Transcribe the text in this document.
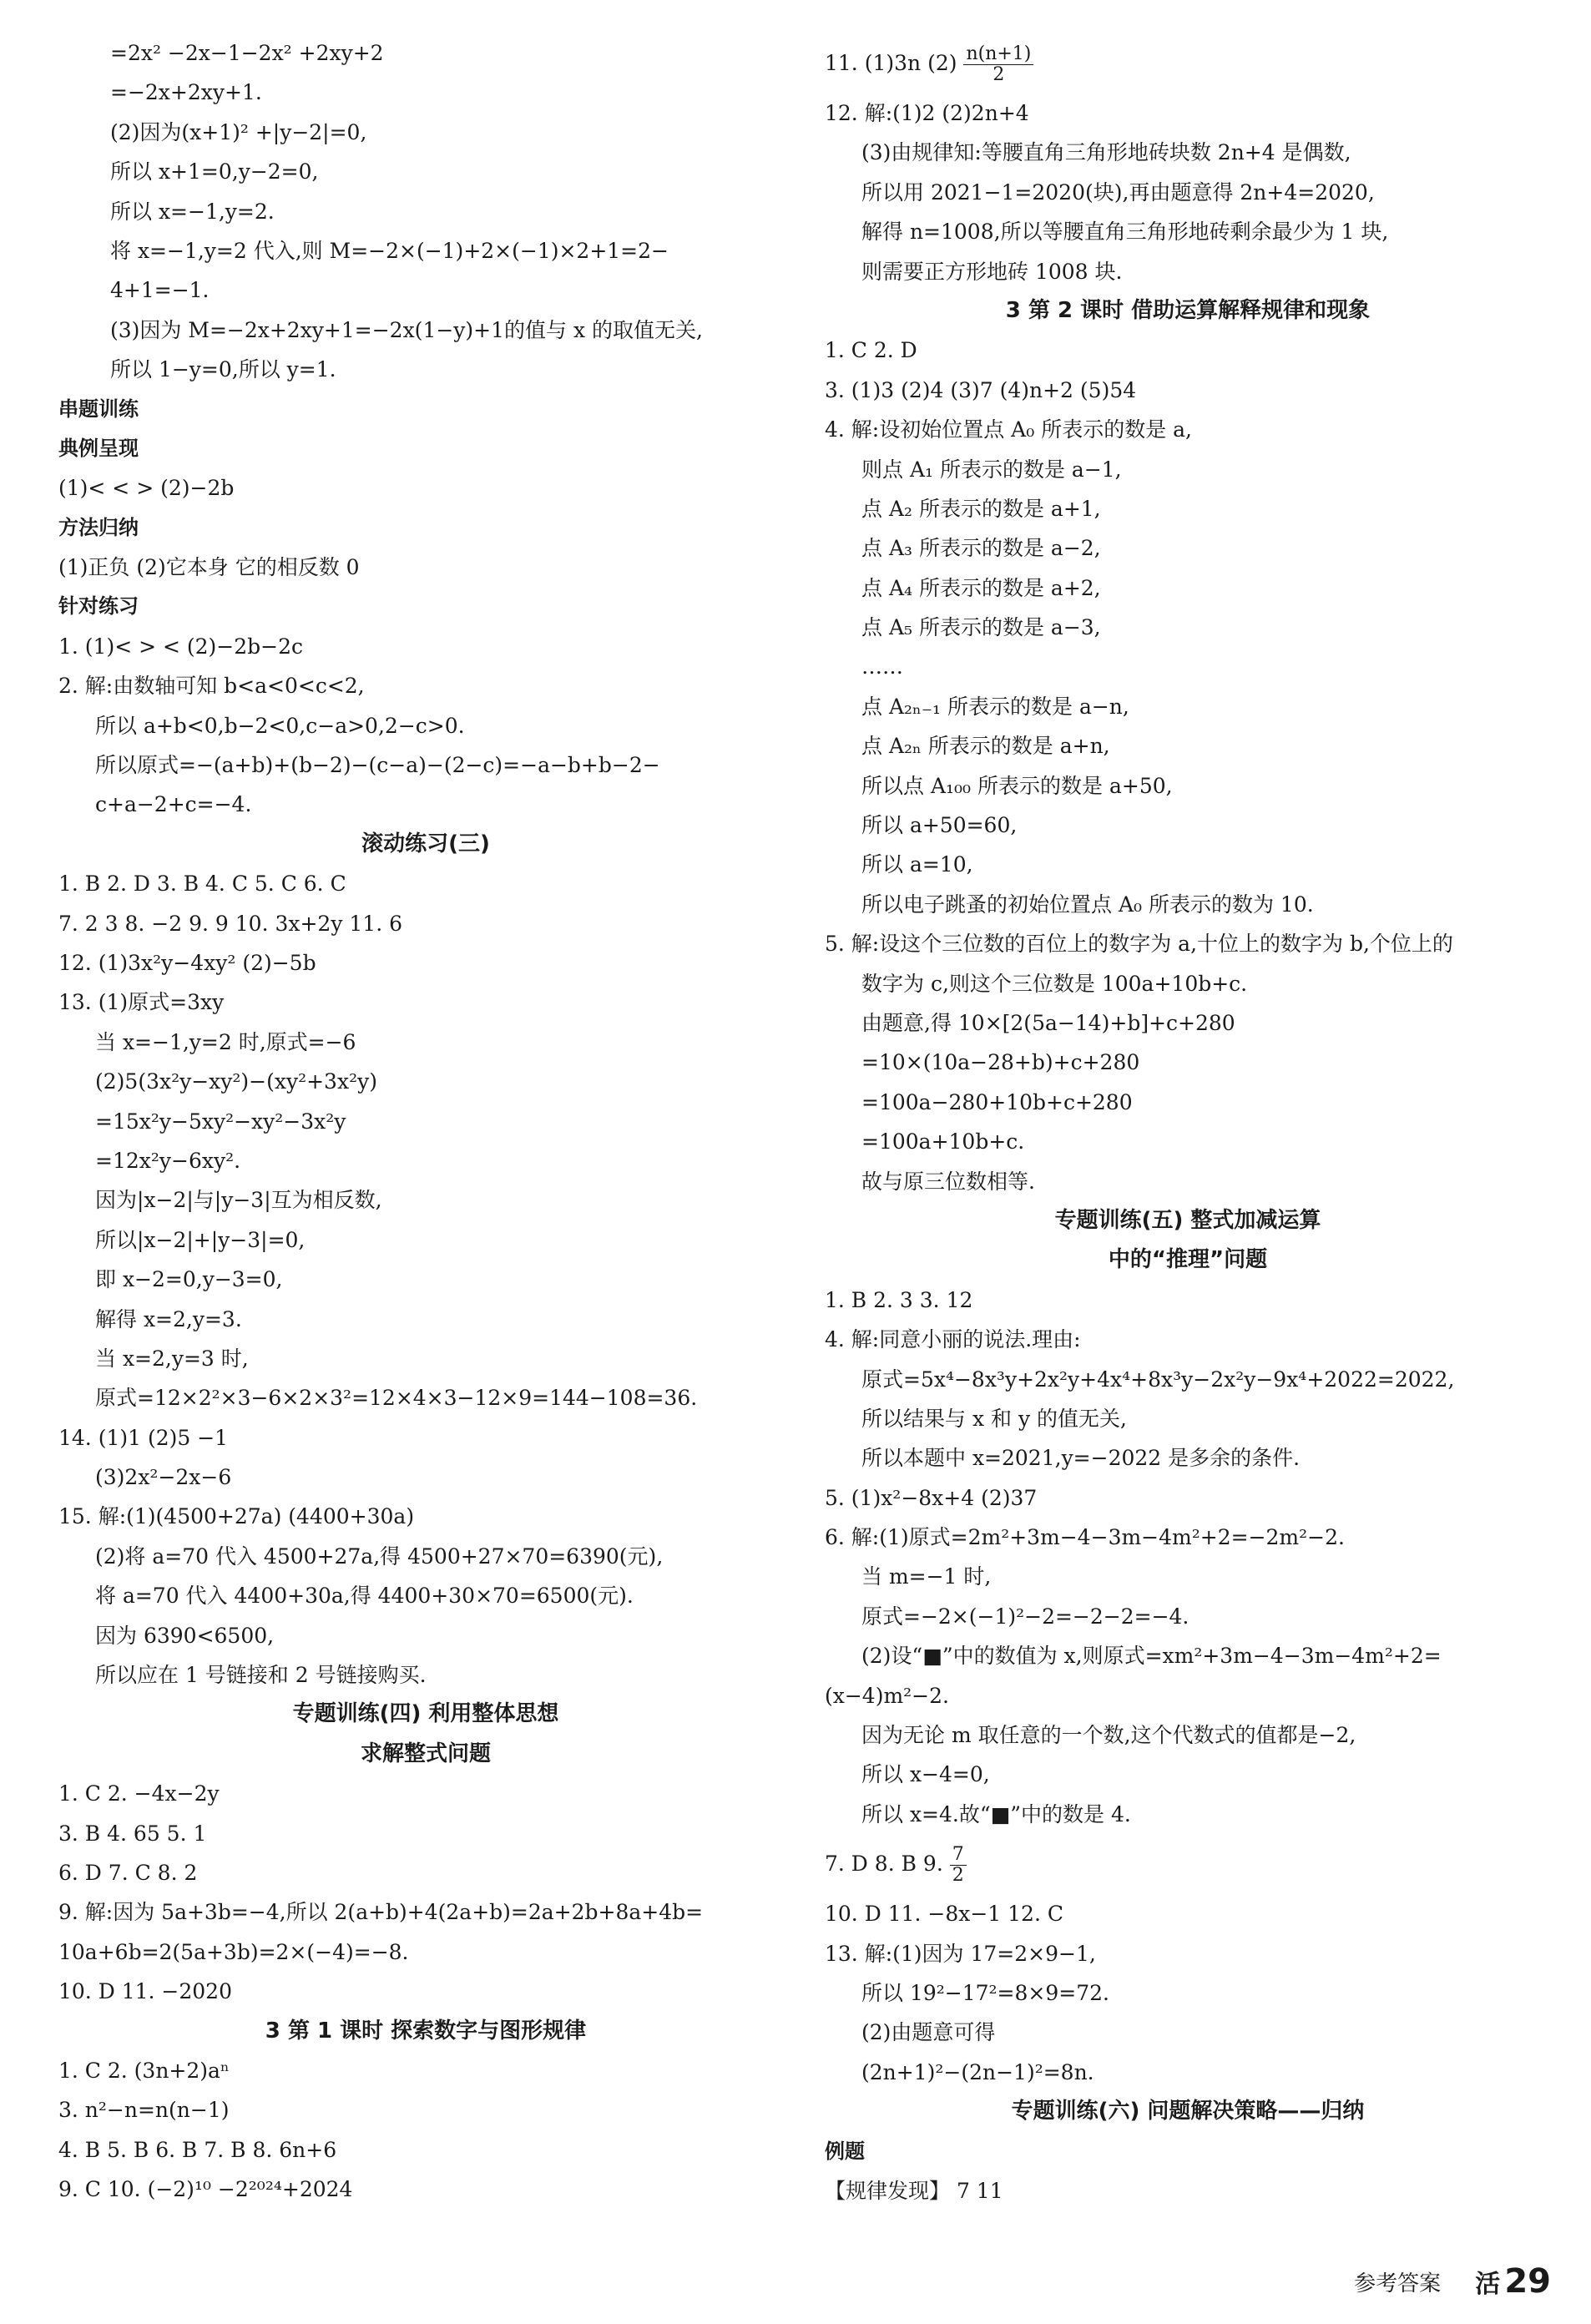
=2x² −2x−1−2x² +2xy+2
=−2x+2xy+1.
(2)因为(x+1)² +|y−2|=0,
所以 x+1=0,y−2=0,
所以 x=−1,y=2.
将 x=−1,y=2 代入,则 M=−2×(−1)+2×(−1)×2+1=2−
4+1=−1.
(3)因为 M=−2x+2xy+1=−2x(1−y)+1的值与 x 的取值无关,
所以 1−y=0,所以 y=1.
串题训练
典例呈现
(1)< < > (2)−2b
方法归纳
(1)正负 (2)它本身 它的相反数 0
针对练习
1. (1)< > < (2)−2b−2c
2. 解:由数轴可知 b<a<0<c<2,
所以 a+b<0,b−2<0,c−a>0,2−c>0.
所以原式=−(a+b)+(b−2)−(c−a)−(2−c)=−a−b+b−2−
c+a−2+c=−4.
滚动练习(三)
1. B 2. D 3. B 4. C 5. C 6. C
7. 2 3 8. −2 9. 9 10. 3x+2y 11. 6
12. (1)3x²y−4xy² (2)−5b
13. (1)原式=3xy
当 x=−1,y=2 时,原式=−6
(2)5(3x²y−xy²)−(xy²+3x²y)
=15x²y−5xy²−xy²−3x²y
=12x²y−6xy².
因为|x−2|与|y−3|互为相反数,
所以|x−2|+|y−3|=0,
即 x−2=0,y−3=0,
解得 x=2,y=3.
当 x=2,y=3 时,
原式=12×2²×3−6×2×3²=12×4×3−12×9=144−108=36.
14. (1)1 (2)5 −1
(3)2x²−2x−6
15. 解:(1)(4500+27a) (4400+30a)
(2)将 a=70 代入 4500+27a,得 4500+27×70=6390(元),
将 a=70 代入 4400+30a,得 4400+30×70=6500(元).
因为 6390<6500,
所以应在 1 号链接和 2 号链接购买.
专题训练(四) 利用整体思想
求解整式问题
1. C 2. −4x−2y
3. B 4. 65 5. 1
6. D 7. C 8. 2
9. 解:因为 5a+3b=−4,所以 2(a+b)+4(2a+b)=2a+2b+8a+4b=
10a+6b=2(5a+3b)=2×(−4)=−8.
10. D 11. −2020
3 第 1 课时 探索数字与图形规律
1. C 2. (3n+2)aⁿ
3. n²−n=n(n−1)
4. B 5. B 6. B 7. B 8. 6n+6
9. C 10. (−2)¹⁰ −2²⁰²⁴+2024
11. (1)3n $(2) \frac{n(n+1)}{2}$
12. 解:(1)2 (2)2n+4
(3)由规律知:等腰直角三角形地砖块数 2n+4 是偶数,
所以用 2021−1=2020(块),再由题意得 2n+4=2020,
解得 n=1008,所以等腰直角三角形地砖剩余最少为 1 块,
则需要正方形地砖 1008 块.
3 第 2 课时 借助运算解释规律和现象
1. C 2. D
3. (1)3 (2)4 (3)7 (4)n+2 (5)54
4. 解:设初始位置点 A₀ 所表示的数是 a,
则点 A₁ 所表示的数是 a−1,
点 A₂ 所表示的数是 a+1,
点 A₃ 所表示的数是 a−2,
点 A₄ 所表示的数是 a+2,
点 A₅ 所表示的数是 a−3,
……
点 A₂ₙ₋₁ 所表示的数是 a−n,
点 A₂ₙ 所表示的数是 a+n,
所以点 A₁₀₀ 所表示的数是 a+50,
所以 a+50=60,
所以 a=10,
所以电子跳蚤的初始位置点 A₀ 所表示的数为 10.
5. 解:设这个三位数的百位上的数字为 a,十位上的数字为 b,个位上的
数字为 c,则这个三位数是 100a+10b+c.
由题意,得 10×[2(5a−14)+b]+c+280
=10×(10a−28+b)+c+280
=100a−280+10b+c+280
=100a+10b+c.
故与原三位数相等.
专题训练(五) 整式加减运算
中的“推理”问题
1. B 2. 3 3. 12
4. 解:同意小丽的说法.理由:
原式=5x⁴−8x³y+2x²y+4x⁴+8x³y−2x²y−9x⁴+2022=2022,
所以结果与 x 和 y 的值无关,
所以本题中 x=2021,y=−2022 是多余的条件.
5. (1)x²−8x+4 (2)37
6. 解:(1)原式=2m²+3m−4−3m−4m²+2=−2m²−2.
当 m=−1 时,
原式=−2×(−1)²−2=−2−2=−4.
(2)设“■”中的数值为 x,则原式=xm²+3m−4−3m−4m²+2=
(x−4)m²−2.
因为无论 m 取任意的一个数,这个代数式的值都是−2,
所以 x−4=0,
所以 x=4.故“■”中的数是 4.
7. D 8. B 9. $\frac{7}{2}$
10. D 11. −8x−1 12. C
13. 解:(1)因为 17=2×9−1,
所以 19²−17²=8×9=72.
(2)由题意可得
(2n+1)²−(2n−1)²=8n.
专题训练(六) 问题解决策略——归纳
例题
【规律发现】 7 11
参考答案 活 29
